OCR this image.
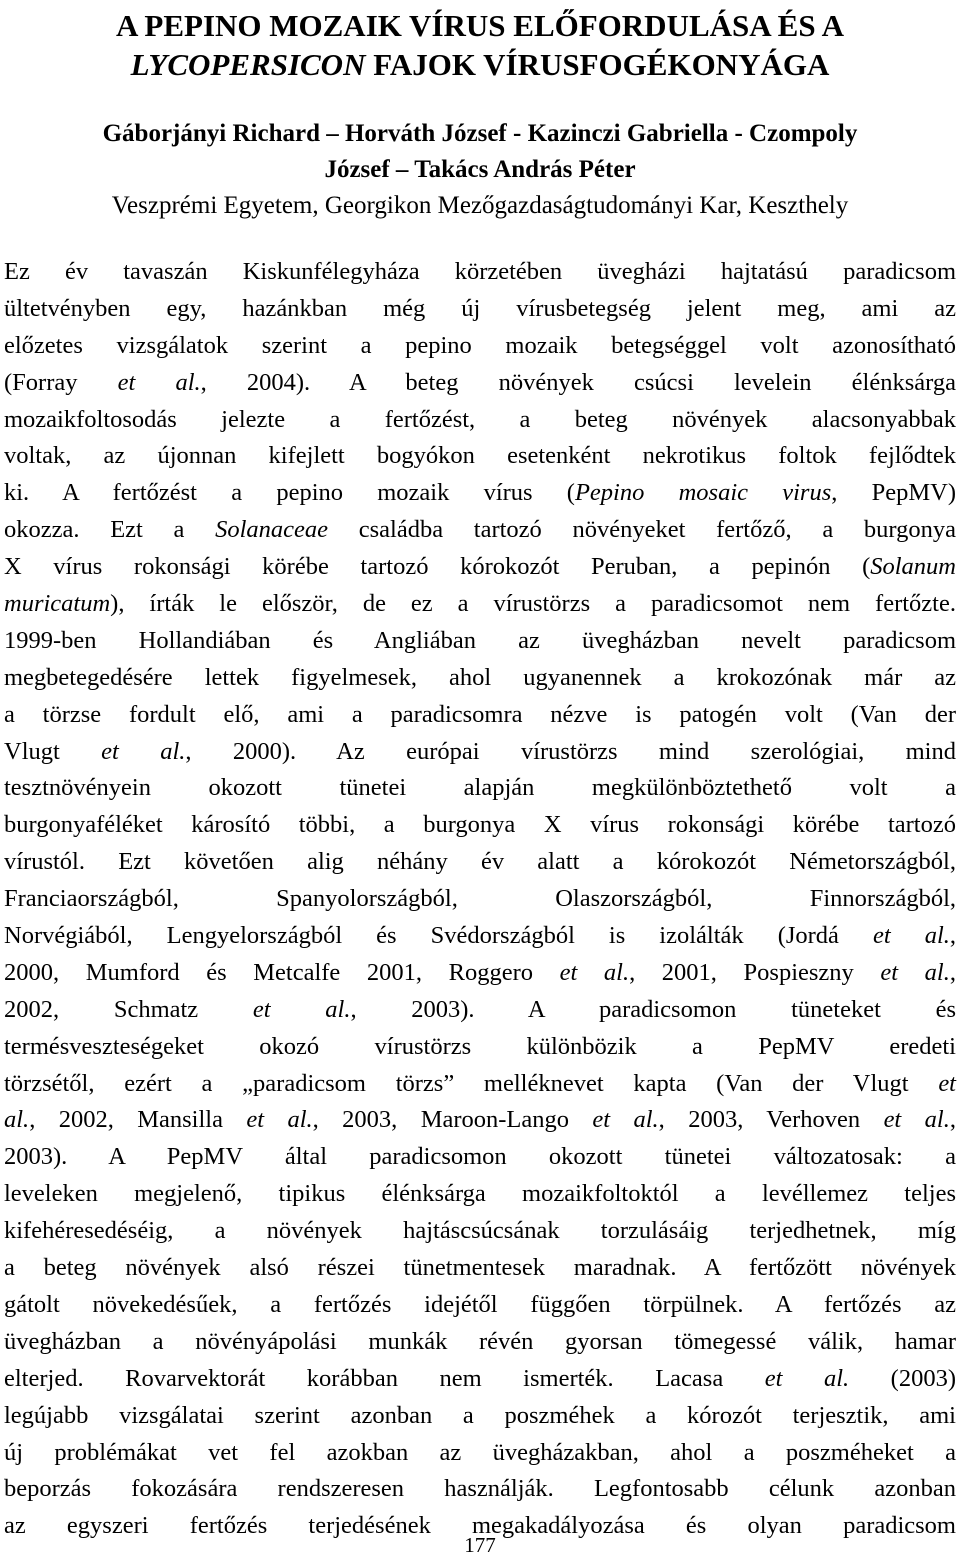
A PEPINO MOZAIK VÍRUS ELŐFORDULÁSA ÉS A
LYCOPERSICON FAJOK VÍRUSFOGÉKONYÁGA
Gáborjányi Richard – Horváth József - Kazinczi Gabriella - Czompoly
József – Takács András Péter
Veszprémi Egyetem, Georgikon Mezőgazdaságtudományi Kar, Keszthely
Ez év tavaszán Kiskunfélegyháza körzetében üvegházi hajtatású paradicsom
ültetvényben egy, hazánkban még új vírusbetegség jelent meg, ami az
előzetes vizsgálatok szerint a pepino mozaik betegséggel volt azonosítható
(Forray et al., 2004). A beteg növények csúcsi levelein élénksárga
mozaikfoltosodás jelezte a fertőzést, a beteg növények alacsonyabbak
voltak, az újonnan kifejlett bogyókon esetenként nekrotikus foltok fejlődtek
ki. A fertőzést a pepino mozaik vírus (Pepino mosaic virus, PepMV)
okozza. Ezt a Solanaceae családba tartozó növényeket fertőző, a burgonya
X vírus rokonsági körébe tartozó kórokozót Peruban, a pepinón (Solanum
muricatum), írták le először, de ez a vírustörzs a paradicsomot nem fertőzte.
1999-ben Hollandiában és Angliában az üvegházban nevelt paradicsom
megbetegedésére lettek figyelmesek, ahol ugyanennek a krokozónak már az
a törzse fordult elő, ami a paradicsomra nézve is patogén volt (Van der
Vlugt et al., 2000). Az európai vírustörzs mind szerológiai, mind
tesztnövényein okozott tünetei alapján megkülönböztethető volt a
burgonyaféléket károsító többi, a burgonya X vírus rokonsági körébe tartozó
vírustól. Ezt követően alig néhány év alatt a kórokozót Németországból,
Franciaországból, Spanyolországból, Olaszországból, Finnországból,
Norvégiából, Lengyelországból és Svédországból is izolálták (Jordá et al.,
2000, Mumford és Metcalfe 2001, Roggero et al., 2001, Pospieszny et al.,
2002, Schmatz et al., 2003). A paradicsomon tüneteket és
termésveszteségeket okozó vírustörzs különbözik a PepMV eredeti
törzsétől, ezért a „paradicsom törzs” melléknevet kapta (Van der Vlugt et
al., 2002, Mansilla et al., 2003, Maroon-Lango et al., 2003, Verhoven et al.,
2003). A PepMV által paradicsomon okozott tünetei változatosak: a
leveleken megjelenő, tipikus élénksárga mozaikfoltoktól a levéllemez teljes
kifehéresedéséig, a növények hajtáscsúcsának torzulásáig terjedhetnek, míg
a beteg növények alsó részei tünetmentesek maradnak. A fertőzött növények
gátolt növekedésűek, a fertőzés idejétől függően törpülnek. A fertőzés az
üvegházban a növényápolási munkák révén gyorsan tömegessé válik, hamar
elterjed. Rovarvektorát korábban nem ismerték. Lacasa et al. (2003)
legújabb vizsgálatai szerint azonban a poszméhek a kórozót terjesztik, ami
új problémákat vet fel azokban az üvegházakban, ahol a poszméheket a
beporzás fokozására rendszeresen használják. Legfontosabb célunk azonban
az egyszeri fertőzés terjedésének megakadályozása és olyan paradicsom
177
